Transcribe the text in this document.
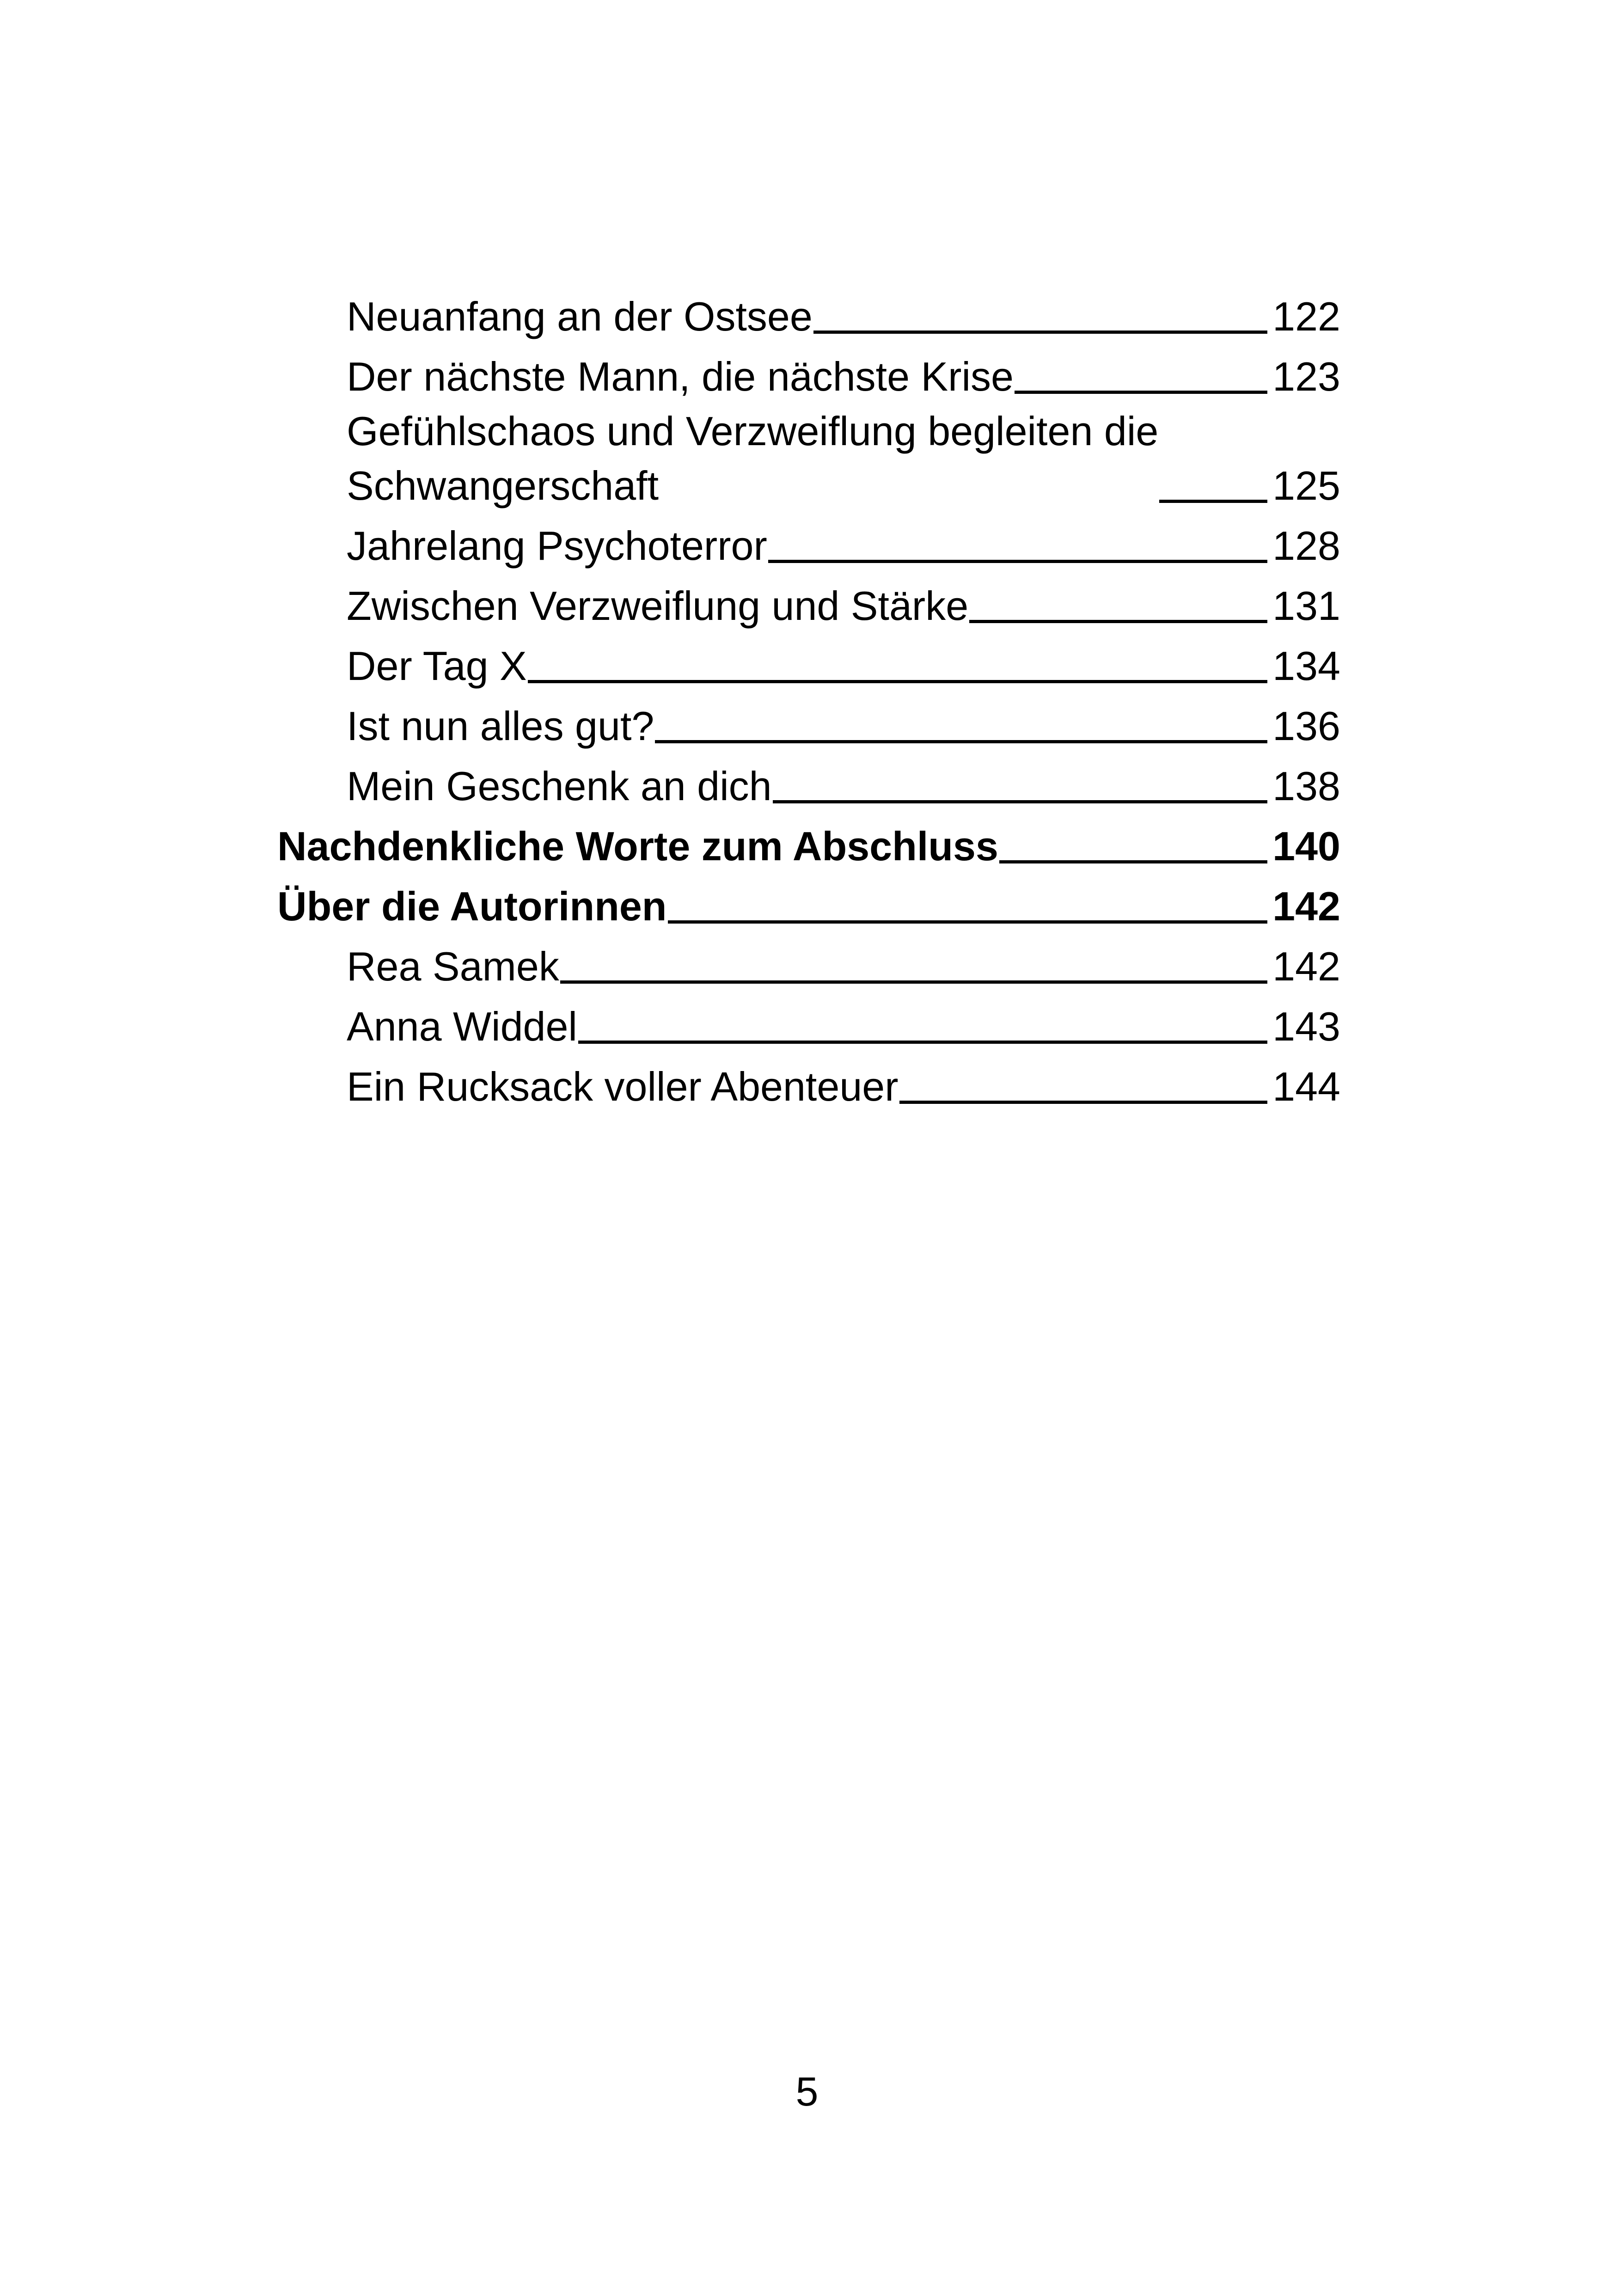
Neuanfang an der Ostsee	122
Der nächste Mann, die nächste Krise	123
Gefühlschaos und Verzweiflung begleiten die
Schwangerschaft	125
Jahrelang Psychoterror	128
Zwischen Verzweiflung und Stärke	131
Der Tag X	134
Ist nun alles gut?	136
Mein Geschenk an dich	138
Nachdenkliche Worte zum Abschluss	140
Über die Autorinnen	142
Rea Samek	142
Anna Widdel	143
Ein Rucksack voller Abenteuer	144
5
